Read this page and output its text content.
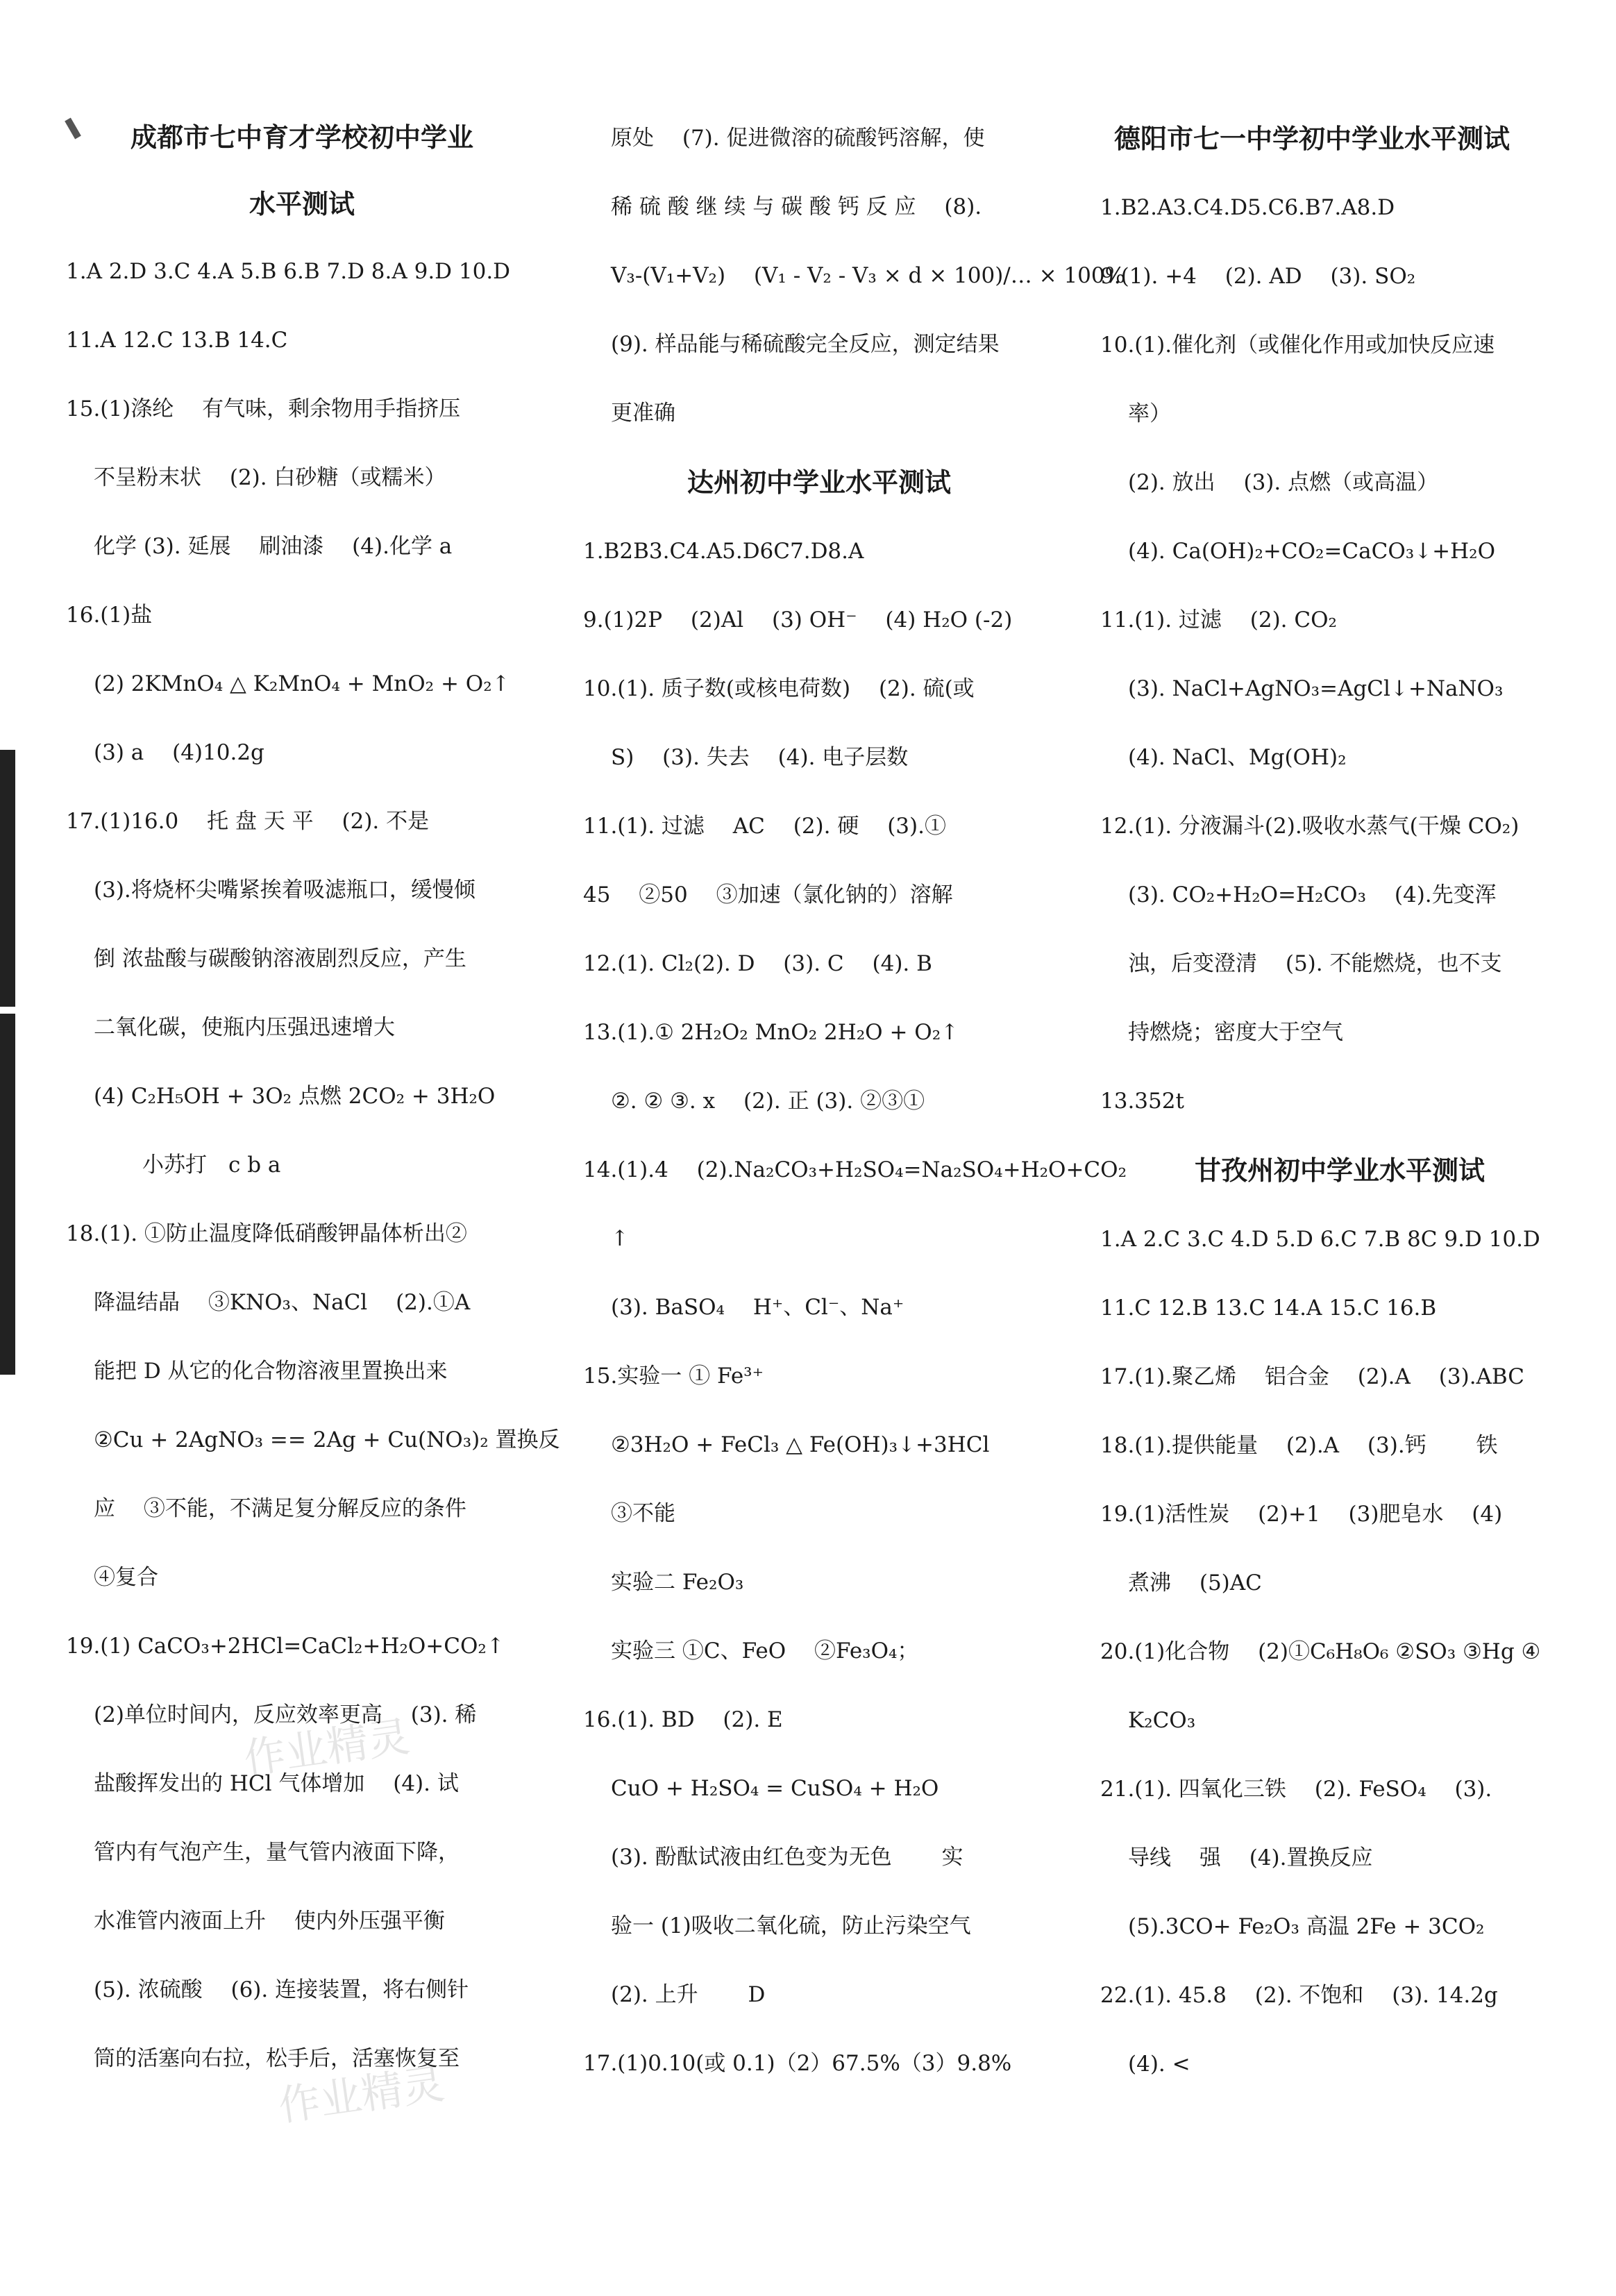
作业精灵
作业精灵
成都市七中育才学校初中学业
水平测试
1.A 2.D 3.C 4.A 5.B 6.B 7.D 8.A 9.D 10.D
11.A 12.C 13.B 14.C
15.(1)涤纶 　有气味，剩余物用手指挤压
不呈粉末状 　(2). 白砂糖（或糯米）
化学 (3). 延展 　刷油漆 　(4).化学 a
16.(1)盐
(2) 2KMnO₄ △ K₂MnO₄ + MnO₂ + O₂↑
(3) a 　(4)10.2g
17.(1)16.0 　托 盘 天 平 　(2). 不是
(3).将烧杯尖嘴紧挨着吸滤瓶口，缓慢倾
倒 浓盐酸与碳酸钠溶液剧烈反应，产生
二氧化碳，使瓶内压强迅速增大
(4) C₂H₅OH + 3O₂ 点燃 2CO₂ + 3H₂O
小苏打　c b a
18.(1). ①防止温度降低硝酸钾晶体析出②
降温结晶 　③KNO₃、NaCl 　(2).①A
能把 D 从它的化合物溶液里置换出来
②Cu + 2AgNO₃ == 2Ag + Cu(NO₃)₂ 置换反
应 　③不能，不满足复分解反应的条件
④复合
19.(1) CaCO₃+2HCl=CaCl₂+H₂O+CO₂↑
(2)单位时间内，反应效率更高 　(3). 稀
盐酸挥发出的 HCl 气体增加 　(4). 试
管内有气泡产生，量气管内液面下降，
水准管内液面上升 　使内外压强平衡
(5). 浓硫酸 　(6). 连接装置，将右侧针
筒的活塞向右拉，松手后，活塞恢复至
原处 　(7). 促进微溶的硫酸钙溶解，使
稀 硫 酸 继 续 与 碳 酸 钙 反 应 　(8).
V₃-(V₁+V₂) 　(V₁ - V₂ - V₃ × d × 100)/… × 100%
(9). 样品能与稀硫酸完全反应，测定结果
更准确
达州初中学业水平测试
1.B2B3.C4.A5.D6C7.D8.A
9.(1)2P 　(2)Al 　(3) OH⁻ 　(4) H₂O (-2)
10.(1). 质子数(或核电荷数) 　(2). 硫(或
S) 　(3). 失去 　(4). 电子层数
11.(1). 过滤 　AC 　(2). 硬 　(3).①
45 　②50 　③加速（氯化钠的）溶解
12.(1). Cl₂(2). D 　(3). C 　(4). B
13.(1).① 2H₂O₂ MnO₂ 2H₂O + O₂↑
②. ② ③. x 　(2). 正 (3). ②③①
14.(1).4 　(2).Na₂CO₃+H₂SO₄=Na₂SO₄+H₂O+CO₂
↑
(3). BaSO₄ 　H⁺、Cl⁻、Na⁺
15.实验一 ① Fe³⁺
②3H₂O + FeCl₃ △ Fe(OH)₃↓+3HCl
③不能
实验二 Fe₂O₃
实验三 ①C、FeO 　②Fe₃O₄；
16.(1). BD 　(2). E
CuO + H₂SO₄ = CuSO₄ + H₂O
(3). 酚酞试液由红色变为无色 　　实
验一 (1)吸收二氧化硫，防止污染空气
(2). 上升 　　D
17.(1)0.10(或 0.1)（2）67.5%（3）9.8%
德阳市七一中学初中学业水平测试
1.B2.A3.C4.D5.C6.B7.A8.D
9.(1). +4 　(2). AD 　(3). SO₂
10.(1).催化剂（或催化作用或加快反应速
率）
(2). 放出 　(3). 点燃（或高温）
(4). Ca(OH)₂+CO₂=CaCO₃↓+H₂O
11.(1). 过滤 　(2). CO₂
(3). NaCl+AgNO₃=AgCl↓+NaNO₃
(4). NaCl、Mg(OH)₂
12.(1). 分液漏斗(2).吸收水蒸气(干燥 CO₂)
(3). CO₂+H₂O=H₂CO₃ 　(4).先变浑
浊，后变澄清 　(5). 不能燃烧，也不支
持燃烧；密度大于空气
13.352t
甘孜州初中学业水平测试
1.A 2.C 3.C 4.D 5.D 6.C 7.B 8C 9.D 10.D
11.C 12.B 13.C 14.A 15.C 16.B
17.(1).聚乙烯 　铝合金 　(2).A 　(3).ABC
18.(1).提供能量 　(2).A 　(3).钙 　　铁
19.(1)活性炭 　(2)+1 　(3)肥皂水 　(4)
煮沸 　(5)AC
20.(1)化合物 　(2)①C₆H₈O₆ ②SO₃ ③Hg ④
K₂CO₃
21.(1). 四氧化三铁 　(2). FeSO₄ 　(3).
导线 　强 　(4).置换反应
(5).3CO+ Fe₂O₃ 高温 2Fe + 3CO₂
22.(1). 45.8 　(2). 不饱和 　(3). 14.2g
(4). <
